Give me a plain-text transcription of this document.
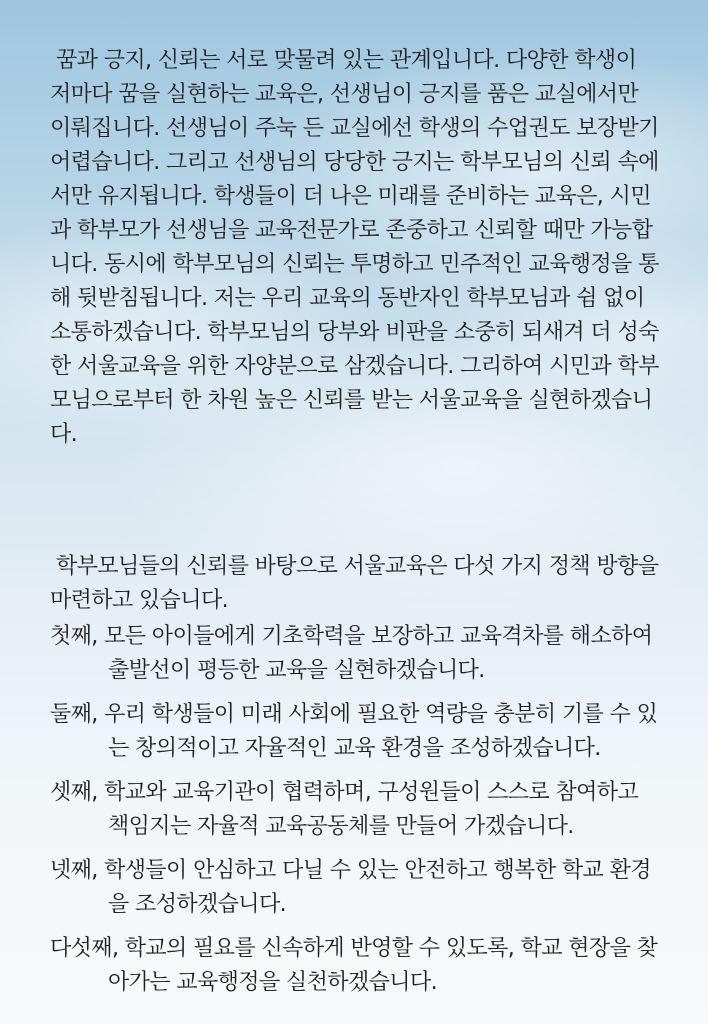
꿈과 긍지, 신뢰는 서로 맞물려 있는 관계입니다. 다양한 학생이 저마다 꿈을 실현하는 교육은, 선생님이 긍지를 품은 교실에서만 이뤄집니다. 선생님이 주눅 든 교실에선 학생의 수업권도 보장받기 어렵습니다. 그리고 선생님의 당당한 긍지는 학부모님의 신뢰 속에서만 유지됩니다. 학생들이 더 나은 미래를 준비하는 교육은, 시민과 학부모가 선생님을 교육전문가로 존중하고 신뢰할 때만 가능합니다. 동시에 학부모님의 신뢰는 투명하고 민주적인 교육행정을 통해 뒷받침됩니다. 저는 우리 교육의 동반자인 학부모님과 쉼 없이 소통하겠습니다. 학부모님의 당부와 비판을 소중히 되새겨 더 성숙한 서울교육을 위한 자양분으로 삼겠습니다. 그리하여 시민과 학부모님으로부터 한 차원 높은 신뢰를 받는 서울교육을 실현하겠습니다.

학부모님들의 신뢰를 바탕으로 서울교육은 다섯 가지 정책 방향을 마련하고 있습니다.

첫째, 모든 아이들에게 기초학력을 보장하고 교육격차를 해소하여 출발선이 평등한 교육을 실현하겠습니다.
둘째, 우리 학생들이 미래 사회에 필요한 역량을 충분히 기를 수 있는 창의적이고 자율적인 교육 환경을 조성하겠습니다.
셋째, 학교와 교육기관이 협력하며, 구성원들이 스스로 참여하고 책임지는 자율적 교육공동체를 만들어 가겠습니다.
넷째, 학생들이 안심하고 다닐 수 있는 안전하고 행복한 학교 환경을 조성하겠습니다.
다섯째, 학교의 필요를 신속하게 반영할 수 있도록, 학교 현장을 찾아가는 교육행정을 실천하겠습니다.
